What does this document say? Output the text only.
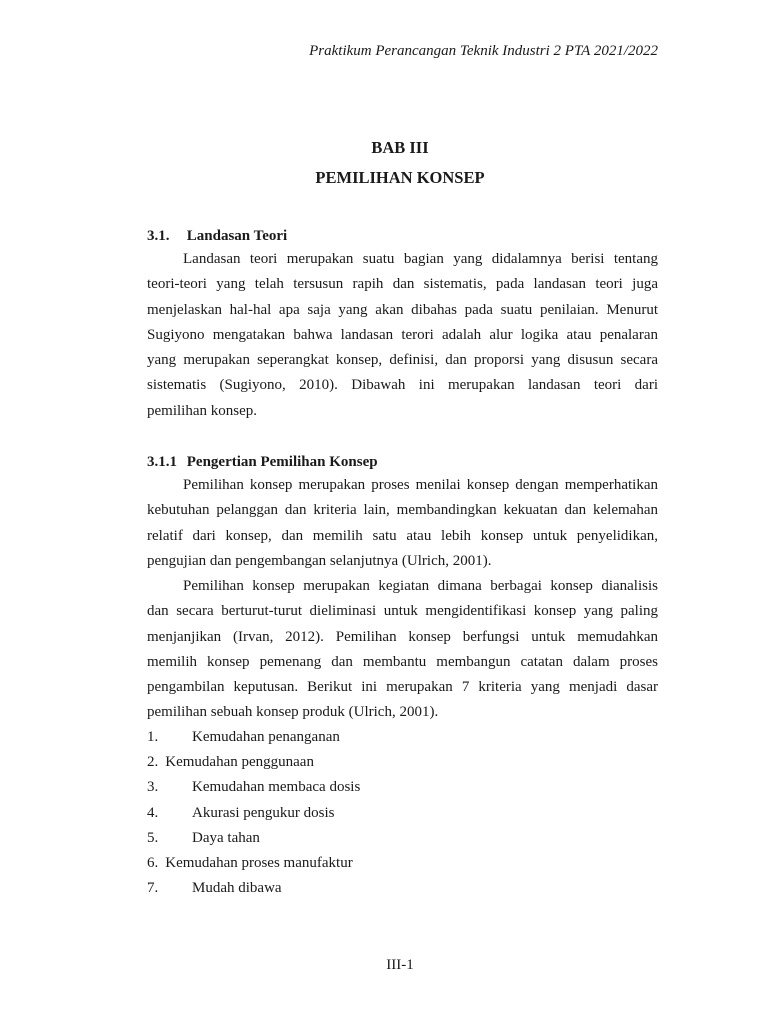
Praktikum Perancangan Teknik Industri 2 PTA 2021/2022
BAB III
PEMILIHAN KONSEP
3.1. Landasan Teori
Landasan teori merupakan suatu bagian yang didalamnya berisi tentang
teori-teori yang telah tersusun rapih dan sistematis, pada landasan teori juga
menjelaskan hal-hal apa saja yang akan dibahas pada suatu penilaian. Menurut
Sugiyono mengatakan bahwa landasan terori adalah alur logika atau penalaran
yang merupakan seperangkat konsep, definisi, dan proporsi yang disusun secara
sistematis (Sugiyono, 2010). Dibawah ini merupakan landasan teori dari
pemilihan konsep.
3.1.1 Pengertian Pemilihan Konsep
Pemilihan konsep merupakan proses menilai konsep dengan memperhatikan
kebutuhan pelanggan dan kriteria lain, membandingkan kekuatan dan kelemahan
relatif dari konsep, dan memilih satu atau lebih konsep untuk penyelidikan,
pengujian dan pengembangan selanjutnya (Ulrich, 2001).
Pemilihan konsep merupakan kegiatan dimana berbagai konsep dianalisis
dan secara berturut-turut dieliminasi untuk mengidentifikasi konsep yang paling
menjanjikan (Irvan, 2012). Pemilihan konsep berfungsi untuk memudahkan
memilih konsep pemenang dan membantu membangun catatan dalam proses
pengambilan keputusan. Berikut ini merupakan 7 kriteria yang menjadi dasar
pemilihan sebuah konsep produk (Ulrich, 2001).
1. Kemudahan penanganan
2. Kemudahan penggunaan
3. Kemudahan membaca dosis
4. Akurasi pengukur dosis
5. Daya tahan
6. Kemudahan proses manufaktur
7. Mudah dibawa
III-1
